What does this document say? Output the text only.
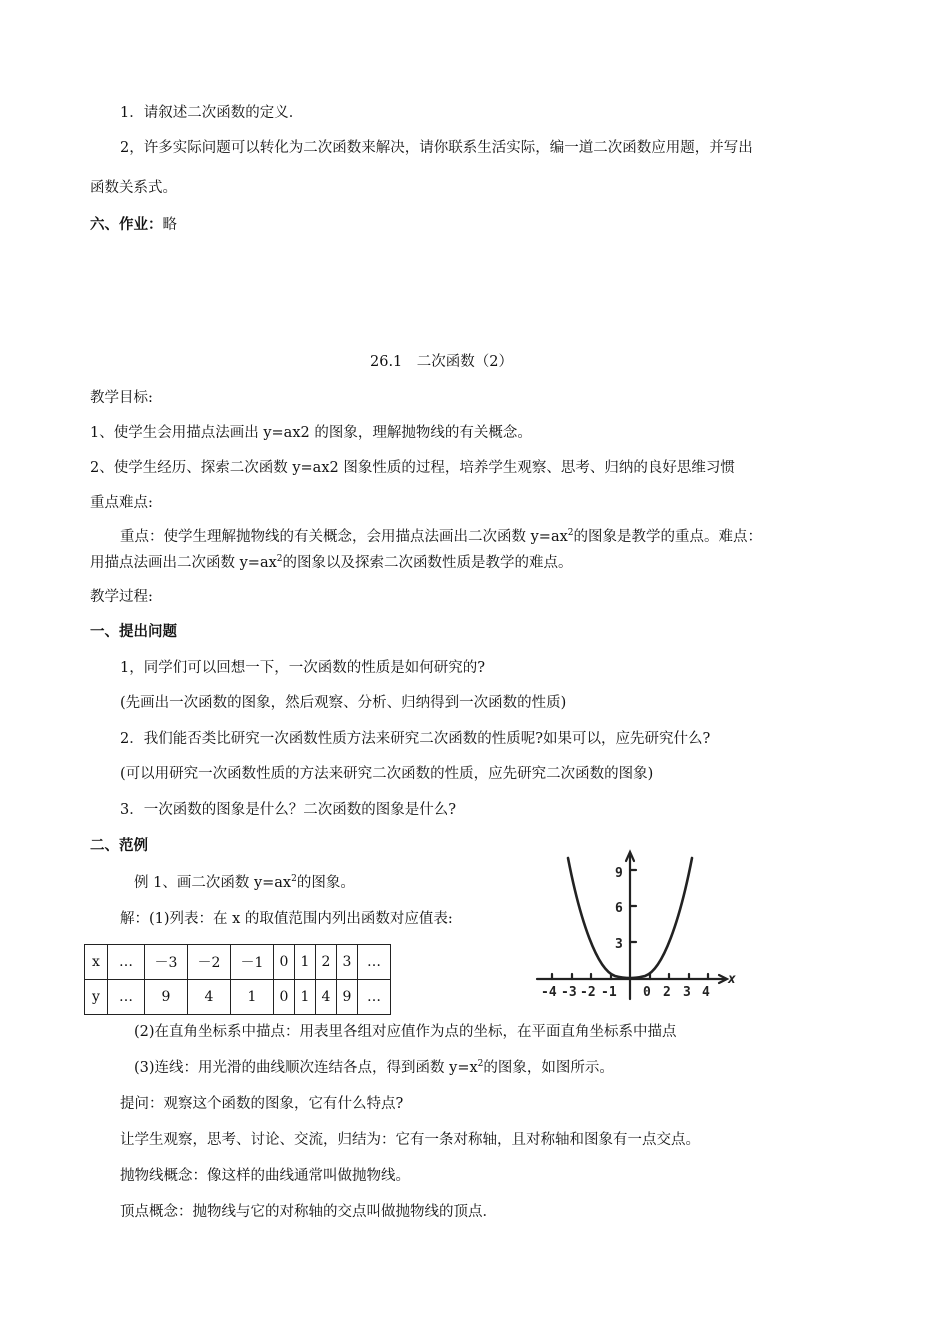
1．请叙述二次函数的定义．
2，许多实际问题可以转化为二次函数来解决，请你联系生活实际，编一道二次函数应用题，并写出
函数关系式。
六、作业：略
26.1　二次函数（2）
教学目标:
1、使学生会用描点法画出 y=ax2 的图象，理解抛物线的有关概念。
2、使学生经历、探索二次函数 y=ax2 图象性质的过程，培养学生观察、思考、归纳的良好思维习惯
重点难点:
重点：使学生理解抛物线的有关概念，会用描点法画出二次函数 $y=ax^2$的图象是教学的重点。难点：
用描点法画出二次函数 $y=ax^2$的图象以及探索二次函数性质是教学的难点。
教学过程:
一、提出问题
1，同学们可以回想一下，一次函数的性质是如何研究的?
(先画出一次函数的图象，然后观察、分析、归纳得到一次函数的性质)
2．我们能否类比研究一次函数性质方法来研究二次函数的性质呢?如果可以，应先研究什么?
(可以用研究一次函数性质的方法来研究二次函数的性质，应先研究二次函数的图象)
3．一次函数的图象是什么？二次函数的图象是什么?
二、范例
例 1、画二次函数 $y=ax^2$的图象。
解：(1)列表：在 x 的取值范围内列出函数对应值表:
x	…	－3	－2	－1	0	1	2	3	…
y	…	9	4	1	0	1	4	9	…
9
6
3
-4 -3 -2 -1 0 2 3 4
x
(2)在直角坐标系中描点：用表里各组对应值作为点的坐标，在平面直角坐标系中描点
(3)连线：用光滑的曲线顺次连结各点，得到函数 $y=x^2$的图象，如图所示。
提问：观察这个函数的图象，它有什么特点?
让学生观察，思考、讨论、交流，归结为：它有一条对称轴，且对称轴和图象有一点交点。
抛物线概念：像这样的曲线通常叫做抛物线。
顶点概念：抛物线与它的对称轴的交点叫做抛物线的顶点．
